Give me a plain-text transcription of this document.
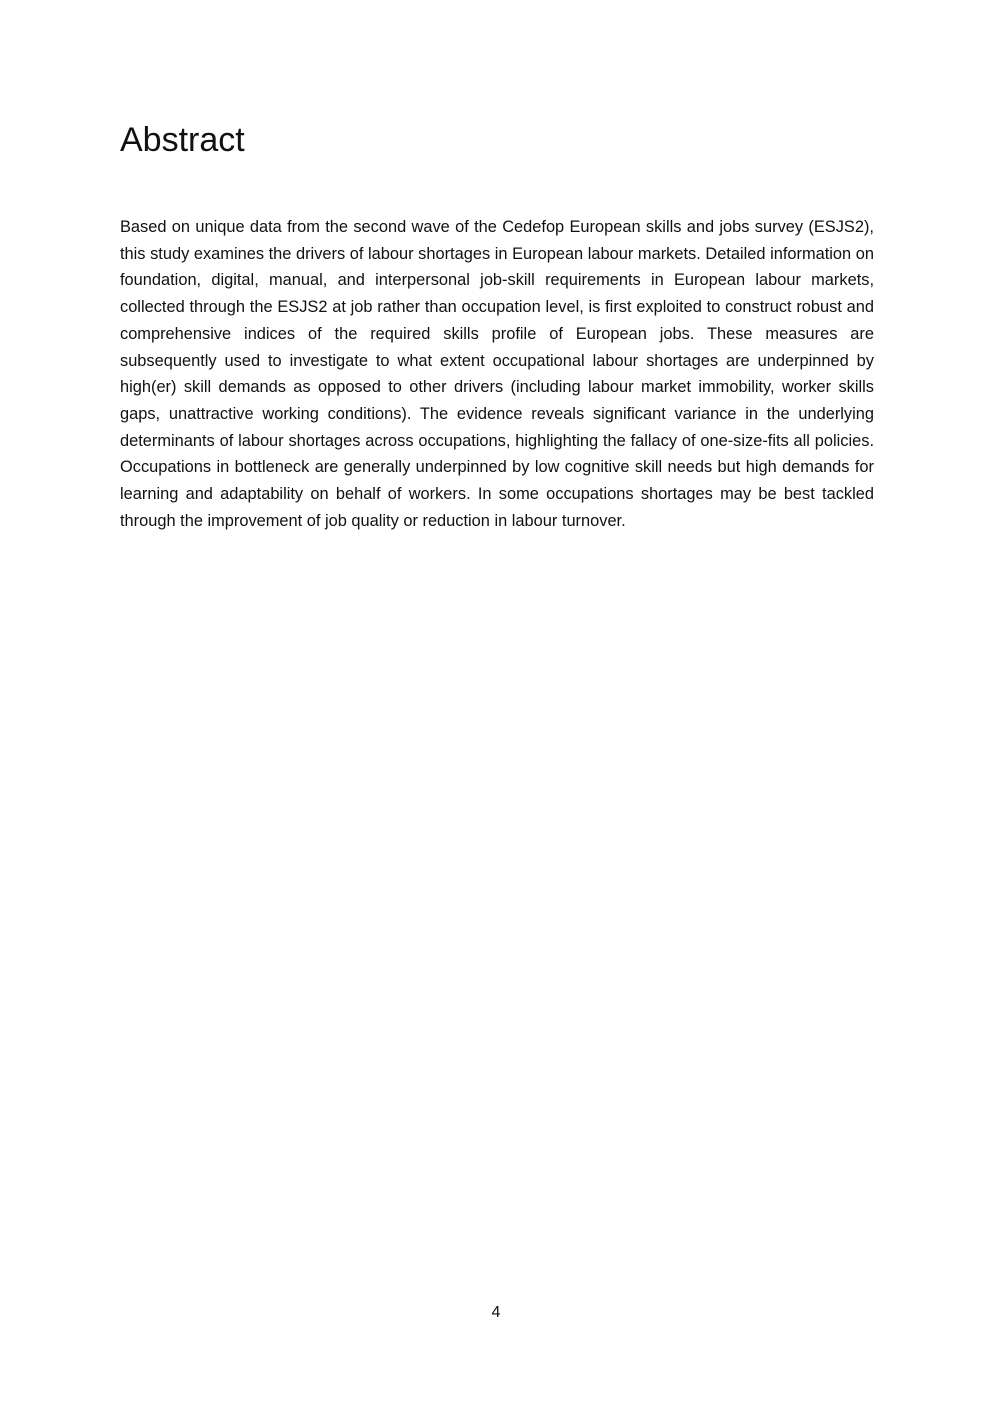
Abstract

Based on unique data from the second wave of the Cedefop European skills and jobs survey (ESJS2), this study examines the drivers of labour shortages in European labour markets. Detailed information on foundation, digital, manual, and interpersonal job-skill requirements in European labour markets, collected through the ESJS2 at job rather than occupation level, is first exploited to construct robust and comprehensive indices of the required skills profile of European jobs. These measures are subsequently used to investigate to what extent occupational labour shortages are underpinned by high(er) skill demands as opposed to other drivers (including labour market immobility, worker skills gaps, unattractive working conditions). The evidence reveals significant variance in the underlying determinants of labour shortages across occupations, highlighting the fallacy of one-size-fits all policies. Occupations in bottleneck are generally underpinned by low cognitive skill needs but high demands for learning and adaptability on behalf of workers. In some occupations shortages may be best tackled through the improvement of job quality or reduction in labour turnover.

4
